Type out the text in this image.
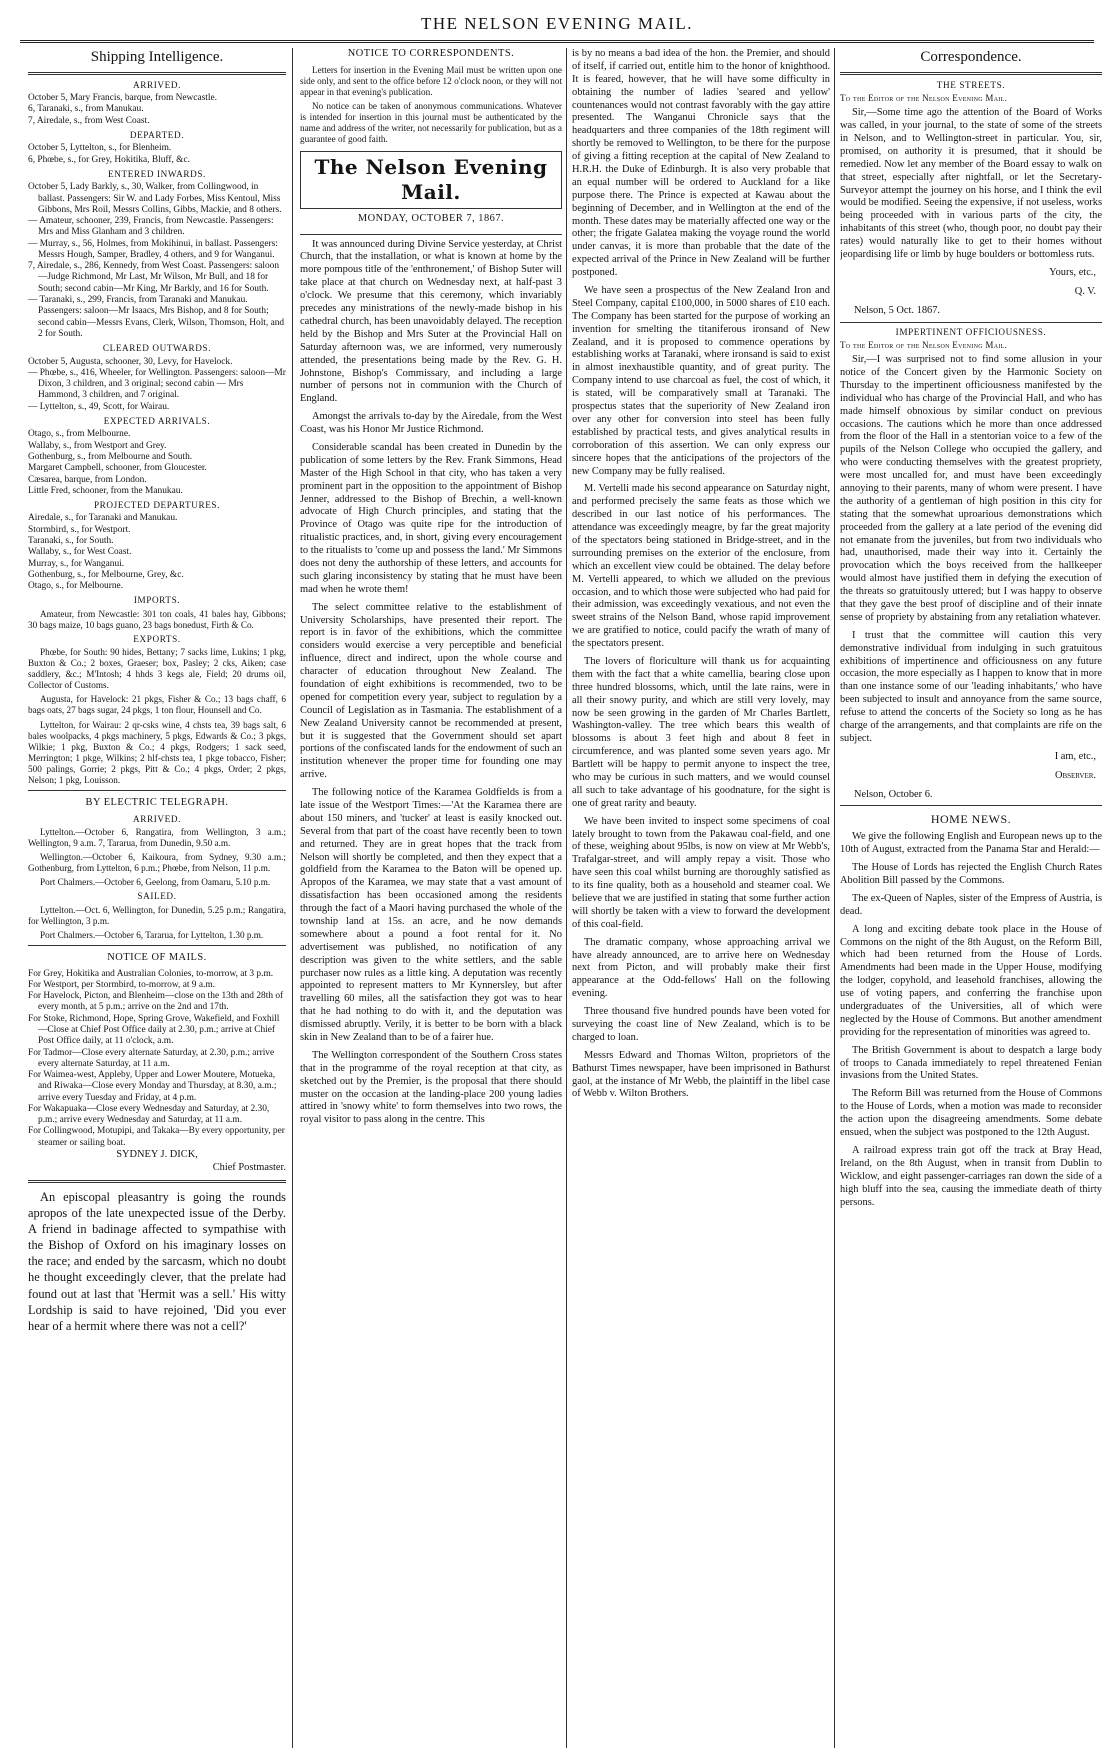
THE NELSON EVENING MAIL.
Shipping Intelligence.
ARRIVED.

October 5, Mary Francis, barque, from Newcastle.

6, Taranaki, s., from Manukau.

7, Airedale, s., from West Coast.

DEPARTED.

October 5, Lyttelton, s., for Blenheim.

6, Phœbe, s., for Grey, Hokitika, Bluff, &c.

ENTERED INWARDS.

October 5, Lady Barkly, s., 30, Walker, from Collingwood, in ballast. Passengers: Sir W. and Lady Forbes, Miss Kentoul, Miss Gibbons, Mrs Roil, Messrs Collins, Gibbs, Mackie, and 8 others.

— Amateur, schooner, 239, Francis, from Newcastle. Passengers: Mrs and Miss Glanham and 3 children.

— Murray, s., 56, Holmes, from Mokihinui, in ballast. Passengers: Messrs Hough, Samper, Bradley, 4 others, and 9 for Wanganui.

7, Airedale, s., 286, Kennedy, from West Coast. Passengers: saloon—Judge Richmond, Mr Last, Mr Wilson, Mr Bull, and 18 for South; second cabin—Mr King, Mr Barkly, and 16 for South.

— Taranaki, s., 299, Francis, from Taranaki and Manukau. Passengers: saloon—Mr Isaacs, Mrs Bishop, and 8 for South; second cabin—Messrs Evans, Clerk, Wilson, Thomson, Holt, and 2 for South.

CLEARED OUTWARDS.

October 5, Augusta, schooner, 30, Levy, for Havelock.

— Phœbe, s., 416, Wheeler, for Wellington. Passengers: saloon—Mr Dixon, 3 children, and 3 original; second cabin — Mrs Hammond, 3 children, and 7 original.

— Lyttelton, s., 49, Scott, for Wairau.

EXPECTED ARRIVALS.

Otago, s., from Melbourne.

Wallaby, s., from Westport and Grey.

Gothenburg, s., from Melbourne and South.

Margaret Campbell, schooner, from Gloucester.

Cæsarea, barque, from London.

Little Fred, schooner, from the Manukau.

PROJECTED DEPARTURES.

Airedale, s., for Taranaki and Manukau.

Stormbird, s., for Westport.

Taranaki, s., for South.

Wallaby, s., for West Coast.

Murray, s., for Wanganui.

Gothenburg, s., for Melbourne, Grey, &c.

Otago, s., for Melbourne.

IMPORTS.

Amateur, from Newcastle: 301 ton coals, 41 bales hay, Gibbons; 30 bags maize, 10 bags guano, 23 bags bonedust, Firth & Co.

EXPORTS.

Phœbe, for South: 90 hides, Bettany; 7 sacks lime, Lukins; 1 pkg, Buxton & Co.; 2 boxes, Graeser; box, Pasley; 2 cks, Aiken; case saddlery, &c.; M'Intosh; 4 hhds 3 kegs ale, Field; 20 drums oil, Collector of Customs.

Augusta, for Havelock: 21 pkgs, Fisher & Co.; 13 bags chaff, 6 bags oats, 27 bags sugar, 24 pkgs, 1 ton flour, Hounsell and Co.

Lyttelton, for Wairau: 2 qr-csks wine, 4 chsts tea, 39 bags salt, 6 bales woolpacks, 4 pkgs machinery, 5 pkgs, Edwards & Co.; 3 pkgs, Wilkie; 1 pkg, Buxton & Co.; 4 pkgs, Rodgers; 1 sack seed, Merrington; 1 pkge, Wilkins; 2 hlf-chsts tea, 1 pkge tobacco, Fisher; 500 palings, Gorrie; 2 pkgs, Pitt & Co.; 4 pkgs, Order; 2 pkgs, Nelson; 1 pkg, Louisson.

BY ELECTRIC TELEGRAPH.
ARRIVED.

Lyttelton.—October 6, Rangatira, from Wellington, 3 a.m.; Wellington, 9 a.m. 7, Tararua, from Dunedin, 9.50 a.m.

Wellington.—October 6, Kaikoura, from Sydney, 9.30 a.m.; Gothenburg, from Lyttelton, 6 p.m.; Phœbe, from Nelson, 11 p.m.

Port Chalmers.—October 6, Geelong, from Oamaru, 5.10 p.m.

SAILED.

Lyttelton.—Oct. 6, Wellington, for Dunedin, 5.25 p.m.; Rangatira, for Wellington, 3 p.m.

Port Chalmers.—October 6, Tararua, for Lyttelton, 1.30 p.m.

NOTICE OF MAILS.

For Grey, Hokitika and Australian Colonies, to-morrow, at 3 p.m.

For Westport, per Stormbird, to-morrow, at 9 a.m.

For Havelock, Picton, and Blenheim—close on the 13th and 28th of every month, at 5 p.m.; arrive on the 2nd and 17th.

For Stoke, Richmond, Hope, Spring Grove, Wakefield, and Foxhill—Close at Chief Post Office daily at 2.30, p.m.; arrive at Chief Post Office daily, at 11 o'clock, a.m.

For Tadmor—Close every alternate Saturday, at 2.30, p.m.; arrive every alternate Saturday, at 11 a.m.

For Waimea-west, Appleby, Upper and Lower Moutere, Motueka, and Riwaka—Close every Monday and Thursday, at 8.30, a.m.; arrive every Tuesday and Friday, at 4 p.m.

For Wakapuaka—Close every Wednesday and Saturday, at 2.30, p.m.; arrive every Wednesday and Saturday, at 11 a.m.

For Collingwood, Motupipi, and Takaka—By every opportunity, per steamer or sailing boat.

SYDNEY J. DICK,

Chief Postmaster.

An episcopal pleasantry is going the rounds apropos of the late unexpected issue of the Derby. A friend in badinage affected to sympathise with the Bishop of Oxford on his imaginary losses on the race; and ended by the sarcasm, which no doubt he thought exceedingly clever, that the prelate had found out at last that 'Hermit was a sell.' His witty Lordship is said to have rejoined, 'Did you ever hear of a hermit where there was not a cell?'

NOTICE TO CORRESPONDENTS.

Letters for insertion in the Evening Mail must be written upon one side only, and sent to the office before 12 o'clock noon, or they will not appear in that evening's publication.

No notice can be taken of anonymous communications. Whatever is intended for insertion in this journal must be authenticated by the name and address of the writer, not necessarily for publication, but as a guarantee of good faith.

The Nelson Evening Mail.
MONDAY, OCTOBER 7, 1867.

It was announced during Divine Service yesterday, at Christ Church, that the installation, or what is known at home by the more pompous title of the 'enthronement,' of Bishop Suter will take place at that church on Wednesday next, at half-past 3 o'clock. We presume that this ceremony, which invariably precedes any ministrations of the newly-made bishop in his cathedral church, has been unavoidably delayed. The reception held by the Bishop and Mrs Suter at the Provincial Hall on Saturday afternoon was, we are informed, very numerously attended, the presentations being made by the Rev. G. H. Johnstone, Bishop's Commissary, and including a large number of persons not in communion with the Church of England.

Amongst the arrivals to-day by the Airedale, from the West Coast, was his Honor Mr Justice Richmond.

Considerable scandal has been created in Dunedin by the publication of some letters by the Rev. Frank Simmons, Head Master of the High School in that city, who has taken a very prominent part in the opposition to the appointment of Bishop Jenner, addressed to the Bishop of Brechin, a well-known advocate of High Church principles, and stating that the Province of Otago was quite ripe for the introduction of ritualistic practices, and, in short, giving every encouragement to the ritualists to 'come up and possess the land.' Mr Simmons does not deny the authorship of these letters, and accounts for such glaring inconsistency by stating that he must have been mad when he wrote them!

The select committee relative to the establishment of University Scholarships, have presented their report. The report is in favor of the exhibitions, which the committee considers would exercise a very perceptible and beneficial influence, direct and indirect, upon the whole course and character of education throughout New Zealand. The foundation of eight exhibitions is recommended, two to be opened for competition every year, subject to regulation by a Council of Legislation as in Tasmania. The establishment of a New Zealand University cannot be recommended at present, but it is suggested that the Government should set apart portions of the confiscated lands for the endowment of such an institution whenever the proper time for founding one may arrive.

The following notice of the Karamea Goldfields is from a late issue of the Westport Times:—'At the Karamea there are about 150 miners, and 'tucker' at least is easily knocked out. Several from that part of the coast have recently been to town and returned. They are in great hopes that the track from Nelson will shortly be completed, and then they expect that a goldfield from the Karamea to the Baton will be opened up. Apropos of the Karamea, we may state that a vast amount of dissatisfaction has been occasioned among the residents through the fact of a Maori having purchased the whole of the township land at 15s. an acre, and he now demands somewhere about a pound a foot rental for it. No advertisement was published, no notification of any description was given to the white settlers, and the sable purchaser now rules as a little king. A deputation was recently appointed to represent matters to Mr Kynnersley, but after travelling 60 miles, all the satisfaction they got was to hear that he had nothing to do with it, and the deputation was dismissed abruptly. Verily, it is better to be born with a black skin in New Zealand than to be of a fairer hue.

The Wellington correspondent of the Southern Cross states that in the programme of the royal reception at that city, as sketched out by the Premier, is the proposal that there should muster on the occasion at the landing-place 200 young ladies attired in 'snowy white' to form themselves into two rows, the royal visitor to pass along in the centre. This

is by no means a bad idea of the hon. the Premier, and should of itself, if carried out, entitle him to the honor of knighthood. It is feared, however, that he will have some difficulty in obtaining the number of ladies 'seared and yellow' countenances would not contrast favorably with the gay attire presented. The Wanganui Chronicle says that the headquarters and three companies of the 18th regiment will shortly be removed to Wellington, to be there for the purpose of giving a fitting reception at the capital of New Zealand to H.R.H. the Duke of Edinburgh. It is also very probable that an equal number will be ordered to Auckland for a like purpose there. The Prince is expected at Kawau about the beginning of December, and in Wellington at the end of the month. These dates may be materially affected one way or the other; the frigate Galatea making the voyage round the world under canvas, it is more than probable that the date of the expected arrival of the Prince in New Zealand will be further postponed.

We have seen a prospectus of the New Zealand Iron and Steel Company, capital £100,000, in 5000 shares of £10 each. The Company has been started for the purpose of working an invention for smelting the titaniferous ironsand of New Zealand, and it is proposed to commence operations by establishing works at Taranaki, where ironsand is said to exist in almost inexhaustible quantity, and of great purity. The Company intend to use charcoal as fuel, the cost of which, it is stated, will be comparatively small at Taranaki. The prospectus states that the superiority of New Zealand iron over any other for conversion into steel has been fully established by practical tests, and gives analytical results in corroboration of this assertion. We can only express our sincere hopes that the anticipations of the projectors of the new Company may be fully realised.

M. Vertelli made his second appearance on Saturday night, and performed precisely the same feats as those which we described in our last notice of his performances. The attendance was exceedingly meagre, by far the great majority of the spectators being stationed in Bridge-street, and in the surrounding premises on the exterior of the enclosure, from which an excellent view could be obtained. The delay before M. Vertelli appeared, to which we alluded on the previous occasion, and to which those were subjected who had paid for their admission, was exceedingly vexatious, and not even the sweet strains of the Nelson Band, whose rapid improvement we are gratified to notice, could pacify the wrath of many of the spectators present.

The lovers of floriculture will thank us for acquainting them with the fact that a white camellia, bearing close upon three hundred blossoms, which, until the late rains, were in all their snowy purity, and which are still very lovely, may now be seen growing in the garden of Mr Charles Bartlett, Washington-valley. The tree which bears this wealth of blossoms is about 3 feet high and about 8 feet in circumference, and was planted some seven years ago. Mr Bartlett will be happy to permit anyone to inspect the tree, who may be curious in such matters, and we would counsel all such to take advantage of his goodnature, for the sight is one of great rarity and beauty.

We have been invited to inspect some specimens of coal lately brought to town from the Pakawau coal-field, and one of these, weighing about 95lbs, is now on view at Mr Webb's, Trafalgar-street, and will amply repay a visit. Those who have seen this coal whilst burning are thoroughly satisfied as to its fine quality, both as a household and steamer coal. We believe that we are justified in stating that some further action will shortly be taken with a view to forward the development of this coal-field.

The dramatic company, whose approaching arrival we have already announced, are to arrive here on Wednesday next from Picton, and will probably make their first appearance at the Odd-fellows' Hall on the following evening.

Three thousand five hundred pounds have been voted for surveying the coast line of New Zealand, which is to be charged to loan.

Messrs Edward and Thomas Wilton, proprietors of the Bathurst Times newspaper, have been imprisoned in Bathurst gaol, at the instance of Mr Webb, the plaintiff in the libel case of Webb v. Wilton Brothers.

Correspondence.
THE STREETS.

To the Editor of the Nelson Evening Mail.

Sir,—Some time ago the attention of the Board of Works was called, in your journal, to the state of some of the streets in Nelson, and to Wellington-street in particular. You, sir, promised, on authority it is presumed, that it should be remedied. Now let any member of the Board essay to walk on that street, especially after nightfall, or let the Secretary-Surveyor attempt the journey on his horse, and I think the evil would be modified. Seeing the expensive, if not useless, works being proceeded with in various parts of the city, the inhabitants of this street (who, though poor, no doubt pay their rates) would naturally like to get to their homes without jeopardising life or limb by huge boulders or bottomless ruts.

Yours, etc.,

Q. V.

Nelson, 5 Oct. 1867.

IMPERTINENT OFFICIOUSNESS.

To the Editor of the Nelson Evening Mail.

Sir,—I was surprised not to find some allusion in your notice of the Concert given by the Harmonic Society on Thursday to the impertinent officiousness manifested by the individual who has charge of the Provincial Hall, and who has made himself obnoxious by similar conduct on previous occasions. The cautions which he more than once addressed from the floor of the Hall in a stentorian voice to a few of the pupils of the Nelson College who occupied the gallery, and who were conducting themselves with the greatest propriety, were most uncalled for, and must have been exceedingly annoying to their parents, many of whom were present. I have the authority of a gentleman of high position in this city for stating that the somewhat uproarious demonstrations which proceeded from the gallery at a late period of the evening did not emanate from the juveniles, but from two individuals who had, unauthorised, made their way into it. Certainly the provocation which the boys received from the hallkeeper would almost have justified them in defying the execution of the threats so gratuitously uttered; but I was happy to observe that they gave the best proof of discipline and of their innate sense of propriety by abstaining from any retaliation whatever.

I trust that the committee will caution this very demonstrative individual from indulging in such gratuitous exhibitions of impertinence and officiousness on any future occasion, the more especially as I happen to know that in more than one instance some of our 'leading inhabitants,' who have been subjected to insult and annoyance from the same source, refuse to attend the concerts of the Society so long as he has charge of the arrangements, and that complaints are rife on the subject.

I am, etc.,

Observer.

Nelson, October 6.

HOME NEWS.

We give the following English and European news up to the 10th of August, extracted from the Panama Star and Herald:—

The House of Lords has rejected the English Church Rates Abolition Bill passed by the Commons.

The ex-Queen of Naples, sister of the Empress of Austria, is dead.

A long and exciting debate took place in the House of Commons on the night of the 8th August, on the Reform Bill, which had been returned from the House of Lords. Amendments had been made in the Upper House, modifying the lodger, copyhold, and leasehold franchises, allowing the use of voting papers, and conferring the franchise upon undergraduates of the Universities, all of which were neglected by the House of Commons. But another amendment providing for the representation of minorities was agreed to.

The British Government is about to despatch a large body of troops to Canada immediately to repel threatened Fenian invasions from the United States.

The Reform Bill was returned from the House of Commons to the House of Lords, when a motion was made to reconsider the action upon the disagreeing amendments. Some debate ensued, when the subject was postponed to the 12th August.

A railroad express train got off the track at Bray Head, Ireland, on the 8th August, when in transit from Dublin to Wicklow, and eight passenger-carriages ran down the side of a high bluff into the sea, causing the immediate death of thirty persons.
